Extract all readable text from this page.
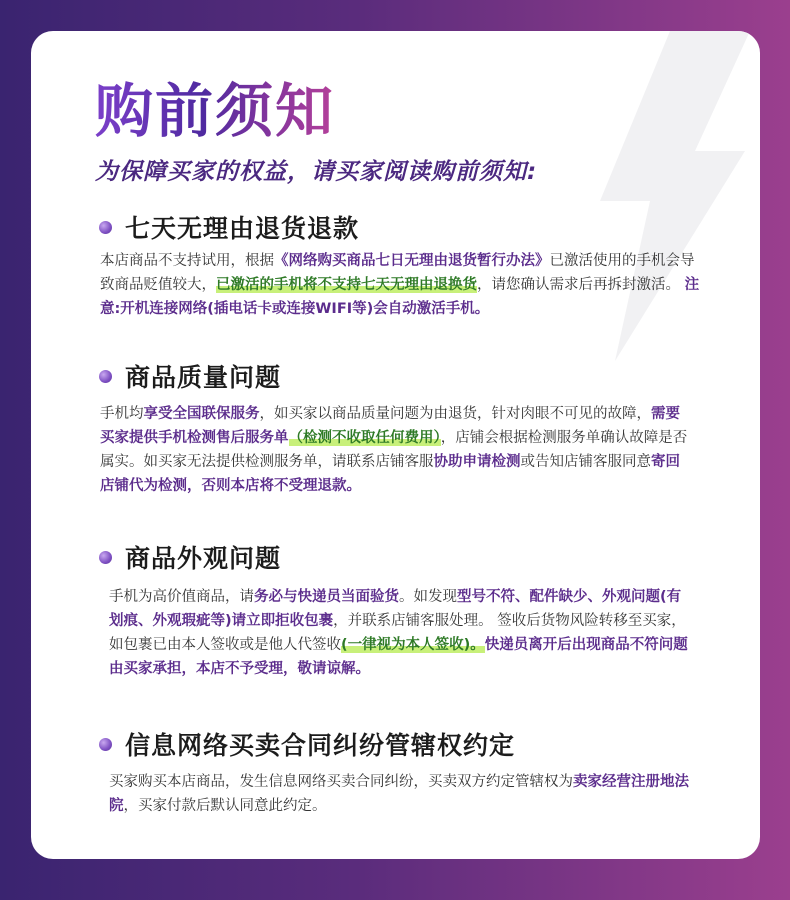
购前须知
为保障买家的权益，请买家阅读购前须知:
七天无理由退货退款
本店商品不支持试用，根据《网络购买商品七日无理由退货暂行办法》已激活使用的手机会导致商品贬值较大，已激活的手机将不支持七天无理由退换货，请您确认需求后再拆封激活。 注意:开机连接网络(插电话卡或连接WIFI等)会自动激活手机。
商品质量问题
手机均享受全国联保服务，如买家以商品质量问题为由退货，针对肉眼不可见的故障，需要买家提供手机检测售后服务单（检测不收取任何费用），店铺会根据检测服务单确认故障是否属实。如买家无法提供检测服务单，请联系店铺客服协助申请检测或告知店铺客服同意寄回店铺代为检测，否则本店将不受理退款。
商品外观问题
手机为高价值商品，请务必与快递员当面验货。如发现型号不符、配件缺少、外观问题(有划痕、外观瑕疵等)请立即拒收包裹，并联系店铺客服处理。 签收后货物风险转移至买家， 如包裹已由本人签收或是他人代签收(一律视为本人签收)。快递员离开后出现商品不符问题由买家承担，本店不予受理，敬请谅解。
信息网络买卖合同纠纷管辖权约定
买家购买本店商品，发生信息网络买卖合同纠纷，买卖双方约定管辖权为卖家经营注册地法院，买家付款后默认同意此约定。
